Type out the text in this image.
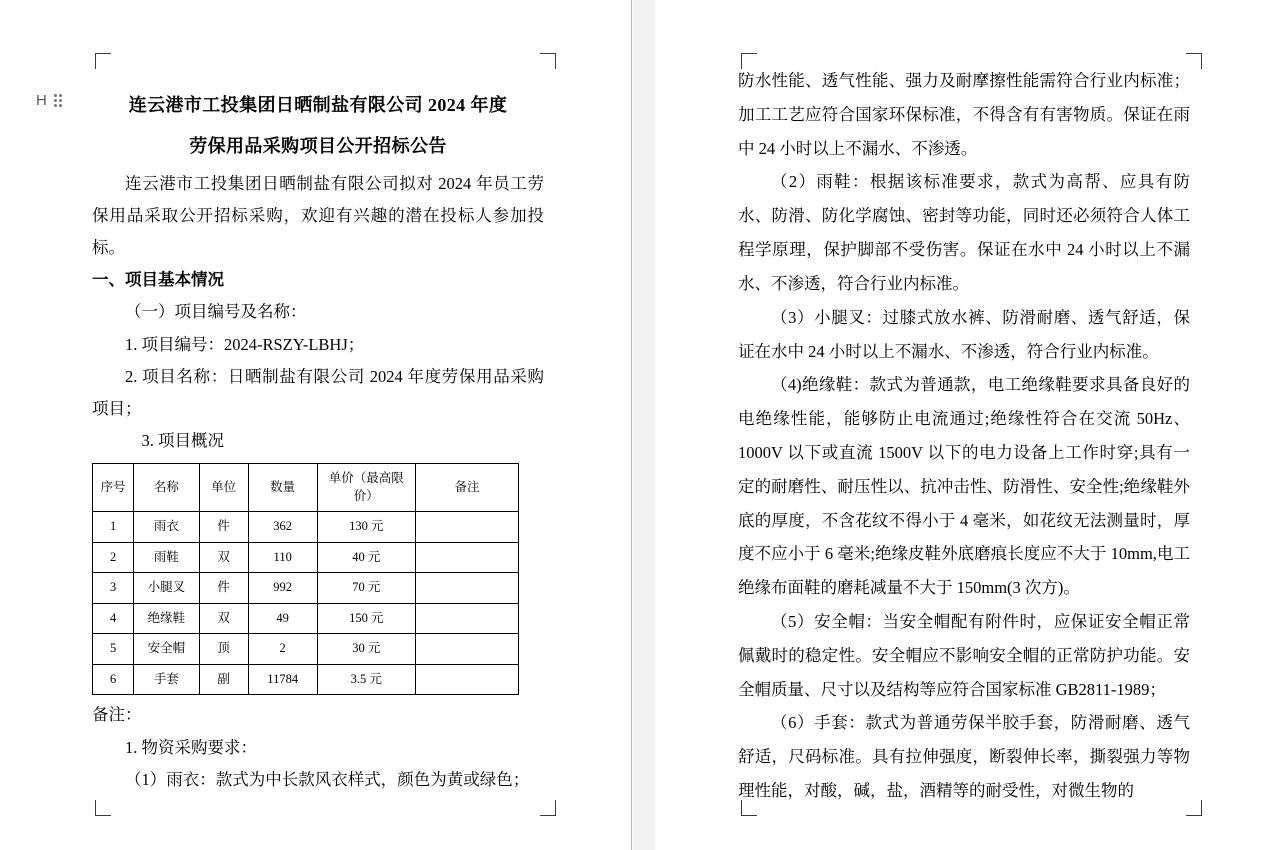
H	连云港市工投集团日晒制盐有限公司 2024 年度
劳保用品采购项目公开招标公告

连云港市工投集团日晒制盐有限公司拟对 2024 年员工劳保用品采取公开招标采购，欢迎有兴趣的潜在投标人参加投标。

一、项目基本情况

（一）项目编号及名称：

1. 项目编号：2024-RSZY-LBHJ；

2. 项目名称：日晒制盐有限公司 2024 年度劳保用品采购项目；

3. 项目概况

序号	名称	单位	数量	单价（最高限价）	备注
1	雨衣	件	362	130 元	
2	雨鞋	双	110	40 元	
3	小腿叉	件	992	70 元	
4	绝缘鞋	双	49	150 元	
5	安全帽	顶	2	30 元	
6	手套	副	11784	3.5 元	

备注：

1. 物资采购要求：

（1）雨衣：款式为中长款风衣样式，颜色为黄或绿色；

防水性能、透气性能、强力及耐摩擦性能需符合行业内标准；加工工艺应符合国家环保标准，不得含有有害物质。保证在雨中 24 小时以上不漏水、不渗透。

（2）雨鞋：根据该标准要求，款式为高帮、应具有防水、防滑、防化学腐蚀、密封等功能，同时还必须符合人体工程学原理，保护脚部不受伤害。保证在水中 24 小时以上不漏水、不渗透，符合行业内标准。

（3）小腿叉：过膝式放水裤、防滑耐磨、透气舒适，保证在水中 24 小时以上不漏水、不渗透，符合行业内标准。

（4)绝缘鞋：款式为普通款，电工绝缘鞋要求具备良好的电绝缘性能，能够防止电流通过;绝缘性符合在交流 50Hz、1000V 以下或直流 1500V 以下的电力设备上工作时穿;具有一定的耐磨性、耐压性以、抗冲击性、防滑性、安全性;绝缘鞋外底的厚度，不含花纹不得小于 4 毫米，如花纹无法测量时，厚度不应小于 6 毫米;绝缘皮鞋外底磨痕长度应不大于 10mm,电工绝缘布面鞋的磨耗减量不大于 150mm(3 次方)。

（5）安全帽：当安全帽配有附件时，应保证安全帽正常佩戴时的稳定性。安全帽应不影响安全帽的正常防护功能。安全帽质量、尺寸以及结构等应符合国家标准 GB2811-1989；

（6）手套：款式为普通劳保半胶手套，防滑耐磨、透气舒适，尺码标准。具有拉伸强度，断裂伸长率，撕裂强力等物理性能，对酸，碱，盐，酒精等的耐受性，对微生物的
